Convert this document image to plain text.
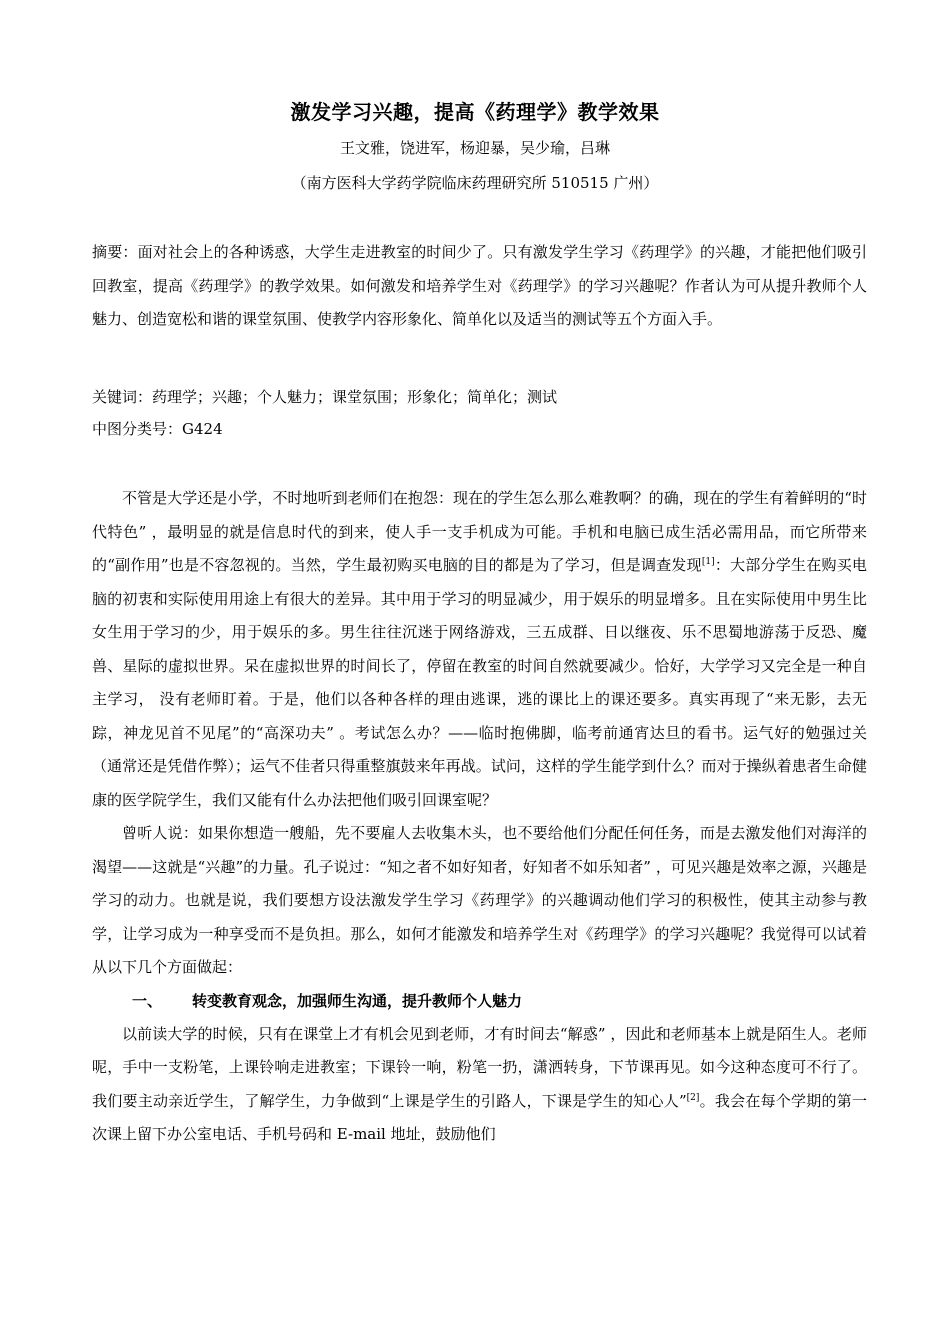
激发学习兴趣，提高《药理学》教学效果
王文雅，饶进军，杨迎暴，吴少瑜，吕琳
（南方医科大学药学院临床药理研究所 510515 广州）
摘要：面对社会上的各种诱惑，大学生走进教室的时间少了。只有激发学生学习《药理学》的兴趣，才能把他们吸引回教室，提高《药理学》的教学效果。如何激发和培养学生对《药理学》的学习兴趣呢？作者认为可从提升教师个人魅力、创造宽松和谐的课堂氛围、使教学内容形象化、简单化以及适当的测试等五个方面入手。
关键词：药理学；兴趣；个人魅力；课堂氛围；形象化；简单化；测试
中图分类号：G424

不管是大学还是小学，不时地听到老师们在抱怨：现在的学生怎么那么难教啊？的确，现在的学生有着鲜明的“时代特色” ，最明显的就是信息时代的到来，使人手一支手机成为可能。手机和电脑已成生活必需用品，而它所带来的“副作用”也是不容忽视的。当然，学生最初购买电脑的目的都是为了学习，但是调查发现[1]：大部分学生在购买电脑的初衷和实际使用用途上有很大的差异。其中用于学习的明显减少，用于娱乐的明显增多。且在实际使用中男生比女生用于学习的少，用于娱乐的多。男生往往沉迷于网络游戏，三五成群、日以继夜、乐不思蜀地游荡于反恐、魔兽、星际的虚拟世界。呆在虚拟世界的时间长了，停留在教室的时间自然就要减少。恰好，大学学习又完全是一种自主学习， 没有老师盯着。于是，他们以各种各样的理由逃课，逃的课比上的课还要多。真实再现了“来无影，去无踪，神龙见首不见尾”的“高深功夫” 。考试怎么办？——临时抱佛脚，临考前通宵达旦的看书。运气好的勉强过关（通常还是凭借作弊）；运气不佳者只得重整旗鼓来年再战。试问，这样的学生能学到什么？而对于操纵着患者生命健康的医学院学生，我们又能有什么办法把他们吸引回课室呢？

曾听人说：如果你想造一艘船，先不要雇人去收集木头，也不要给他们分配任何任务，而是去激发他们对海洋的渴望——这就是“兴趣”的力量。孔子说过：“知之者不如好知者，好知者不如乐知者” ，可见兴趣是效率之源，兴趣是学习的动力。也就是说，我们要想方设法激发学生学习《药理学》的兴趣调动他们学习的积极性，使其主动参与教学，让学习成为一种享受而不是负担。那么，如何才能激发和培养学生对《药理学》的学习兴趣呢？我觉得可以试着从以下几个方面做起：

一、 转变教育观念，加强师生沟通，提升教师个人魅力

以前读大学的时候，只有在课堂上才有机会见到老师，才有时间去“解惑” ，因此和老师基本上就是陌生人。老师呢，手中一支粉笔，上课铃响走进教室；下课铃一响，粉笔一扔，潇洒转身，下节课再见。如今这种态度可不行了。我们要主动亲近学生，了解学生，力争做到“上课是学生的引路人，下课是学生的知心人”[2]。我会在每个学期的第一次课上留下办公室电话、手机号码和 E-mail 地址，鼓励他们
